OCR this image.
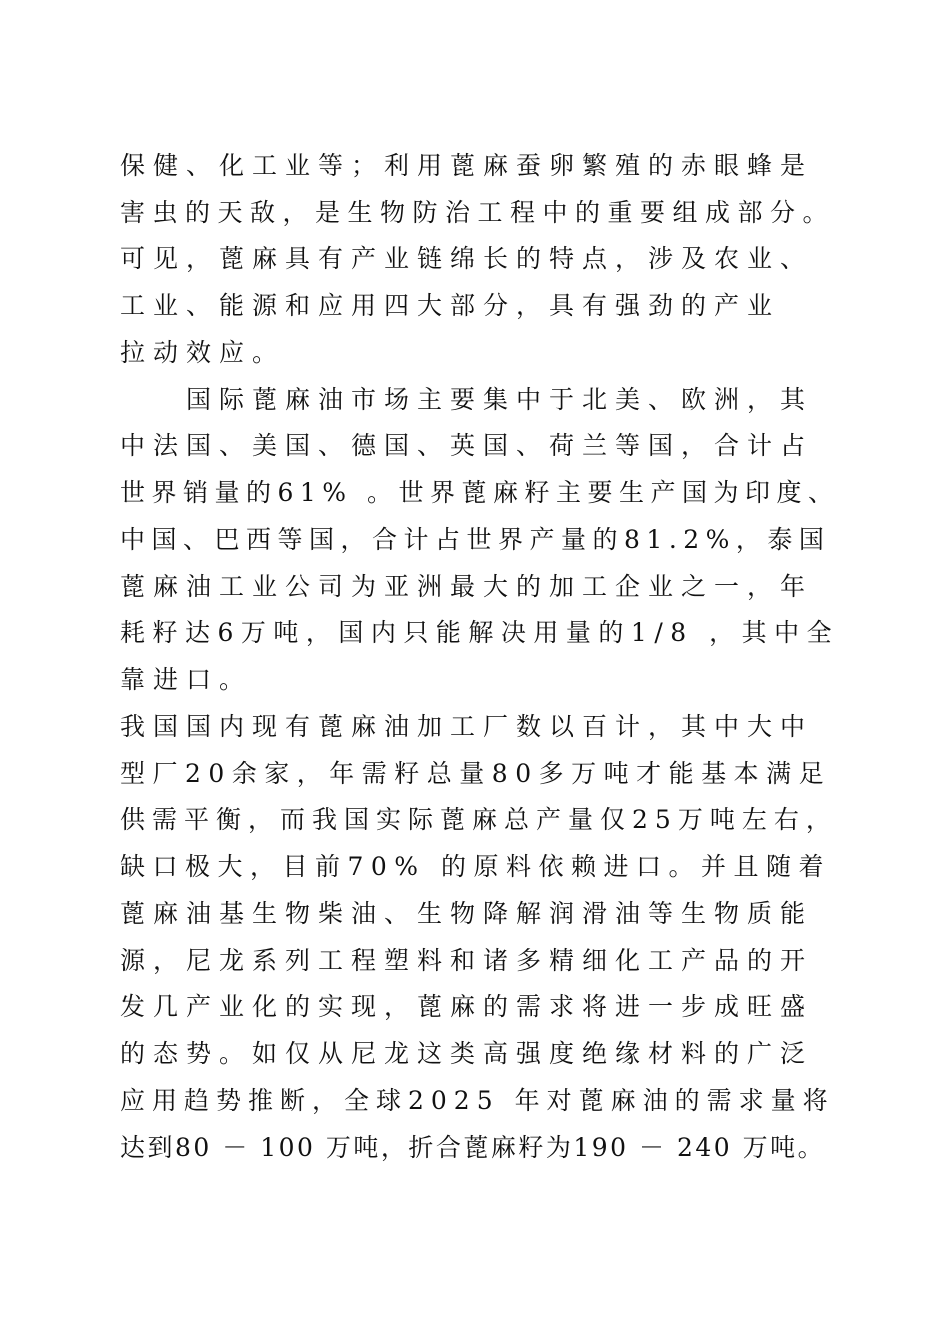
保健、化工业等；利用蓖麻蚕卵繁殖的赤眼蜂是
害虫的天敌，是生物防治工程中的重要组成部分。
可见，蓖麻具有产业链绵长的特点，涉及农业、
工业、能源和应用四大部分，具有强劲的产业
拉动效应。
国际蓖麻油市场主要集中于北美、欧洲，其
中法国、美国、德国、英国、荷兰等国，合计占
世界销量的61% 。世界蓖麻籽主要生产国为印度、
中国、巴西等国，合计占世界产量的81.2%，泰国
蓖麻油工业公司为亚洲最大的加工企业之一，年
耗籽达6万吨，国内只能解决用量的1/8 ，其中全
靠进口。
我国国内现有蓖麻油加工厂数以百计，其中大中
型厂20余家，年需籽总量80多万吨才能基本满足
供需平衡，而我国实际蓖麻总产量仅25万吨左右，
缺口极大，目前70% 的原料依赖进口。并且随着
蓖麻油基生物柴油、生物降解润滑油等生物质能
源，尼龙系列工程塑料和诸多精细化工产品的开
发几产业化的实现，蓖麻的需求将进一步成旺盛
的态势。如仅从尼龙这类高强度绝缘材料的广泛
应用趋势推断，全球2025 年对蓖麻油的需求量将
达到80 － 100 万吨，折合蓖麻籽为190 － 240 万吨。
